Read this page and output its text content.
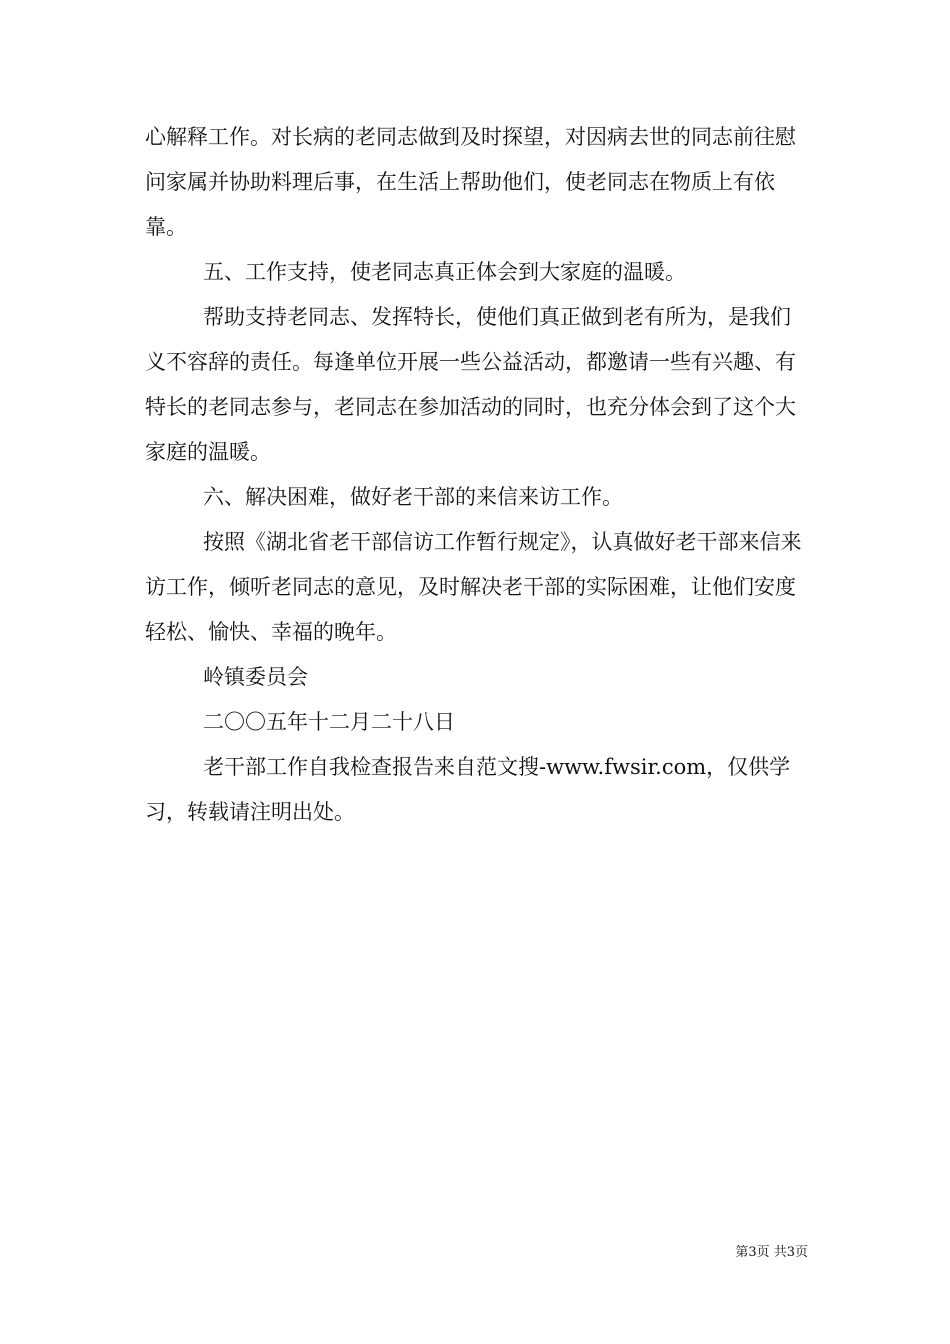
心解释工作。对长病的老同志做到及时探望，对因病去世的同志前往慰问家属并协助料理后事，在生活上帮助他们，使老同志在物质上有依靠。

五、工作支持，使老同志真正体会到大家庭的温暖。

帮助支持老同志、发挥特长，使他们真正做到老有所为，是我们义不容辞的责任。每逢单位开展一些公益活动，都邀请一些有兴趣、有特长的老同志参与，老同志在参加活动的同时，也充分体会到了这个大家庭的温暖。

六、解决困难，做好老干部的来信来访工作。

按照《湖北省老干部信访工作暂行规定》，认真做好老干部来信来访工作，倾听老同志的意见，及时解决老干部的实际困难，让他们安度轻松、愉快、幸福的晚年。

岭镇委员会

二〇〇五年十二月二十八日

老干部工作自我检查报告来自范文搜-www.fwsir.com，仅供学习，转载请注明出处。

第3页 共3页
